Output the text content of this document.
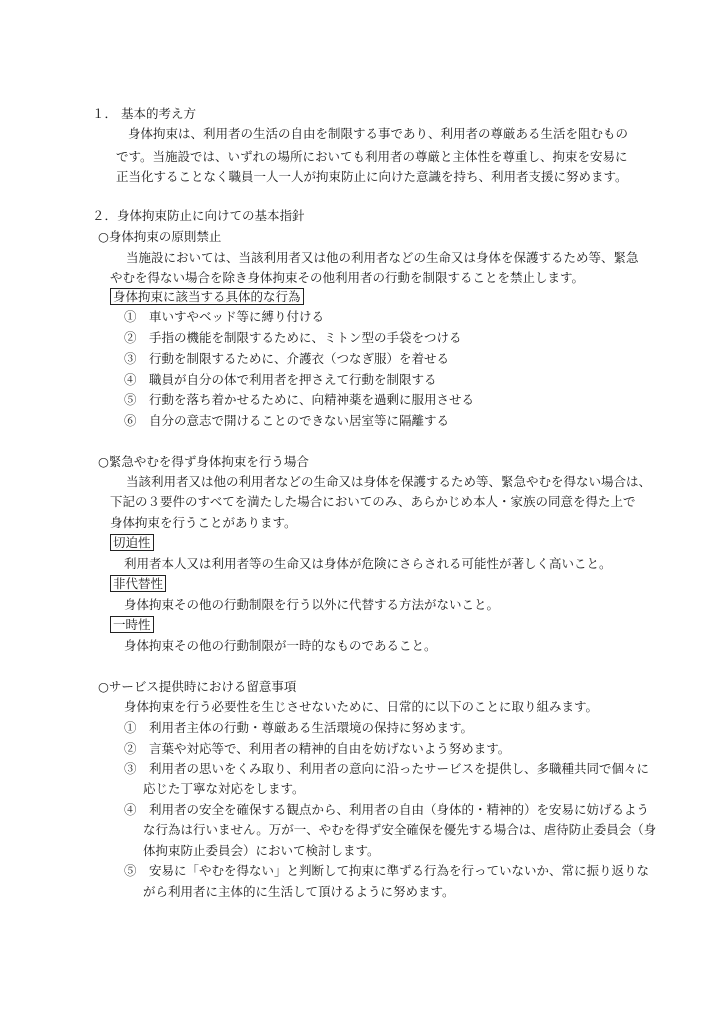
１． 基本的考え方
身体拘束は、利用者の生活の自由を制限する事であり、利用者の尊厳ある生活を阻むもの
です。当施設では、いずれの場所においても利用者の尊厳と主体性を尊重し、拘束を安易に
正当化することなく職員一人一人が拘束防止に向けた意識を持ち、利用者支援に努めます。
２．身体拘束防止に向けての基本指針
○身体拘束の原則禁止
当施設においては、当該利用者又は他の利用者などの生命又は身体を保護するため等、緊急
やむを得ない場合を除き身体拘束その他利用者の行動を制限することを禁止します。
身体拘束に該当する具体的な行為
①　車いすやベッド等に縛り付ける
②　手指の機能を制限するために、ミトン型の手袋をつける
③　行動を制限するために、介護衣（つなぎ服）を着せる
④　職員が自分の体で利用者を押さえて行動を制限する
⑤　行動を落ち着かせるために、向精神薬を過剰に服用させる
⑥　自分の意志で開けることのできない居室等に隔離する
○緊急やむを得ず身体拘束を行う場合
当該利用者又は他の利用者などの生命又は身体を保護するため等、緊急やむを得ない場合は、
下記の３要件のすべてを満たした場合においてのみ、あらかじめ本人・家族の同意を得た上で
身体拘束を行うことがあります。
切迫性
利用者本人又は利用者等の生命又は身体が危険にさらされる可能性が著しく高いこと。
非代替性
身体拘束その他の行動制限を行う以外に代替する方法がないこと。
一時性
身体拘束その他の行動制限が一時的なものであること。
○サービス提供時における留意事項
身体拘束を行う必要性を生じさせないために、日常的に以下のことに取り組みます。
①　利用者主体の行動・尊厳ある生活環境の保持に努めます。
②　言葉や対応等で、利用者の精神的自由を妨げないよう努めます。
③　利用者の思いをくみ取り、利用者の意向に沿ったサービスを提供し、多職種共同で個々に
応じた丁寧な対応をします。
④　利用者の安全を確保する観点から、利用者の自由（身体的・精神的）を安易に妨げるよう
な行為は行いません。万が一、やむを得ず安全確保を優先する場合は、虐待防止委員会（身
体拘束防止委員会）において検討します。
⑤　安易に「やむを得ない」と判断して拘束に準ずる行為を行っていないか、常に振り返りな
がら利用者に主体的に生活して頂けるように努めます。
